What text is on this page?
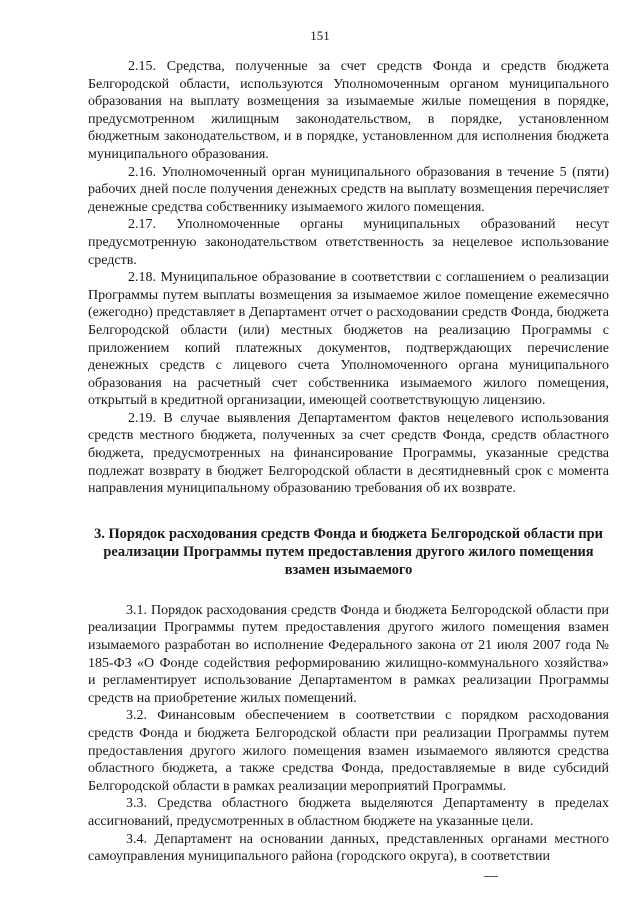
151

2.15. Средства, полученные за счет средств Фонда и средств бюджета Белгородской области, используются Уполномоченным органом муниципального образования на выплату возмещения за изымаемые жилые помещения в порядке, предусмотренном жилищным законодательством, в порядке, установленном бюджетным законодательством, и в порядке, установленном для исполнения бюджета муниципального образования.

2.16. Уполномоченный орган муниципального образования в течение 5 (пяти) рабочих дней после получения денежных средств на выплату возмещения перечисляет денежные средства собственнику изымаемого жилого помещения.

2.17. Уполномоченные органы муниципальных образований несут предусмотренную законодательством ответственность за нецелевое использование средств.

2.18. Муниципальное образование в соответствии с соглашением о реализации Программы путем выплаты возмещения за изымаемое жилое помещение ежемесячно (ежегодно) представляет в Департамент отчет о расходовании средств Фонда, бюджета Белгородской области (или) местных бюджетов на реализацию Программы с приложением копий платежных документов, подтверждающих перечисление денежных средств с лицевого счета Уполномоченного органа муниципального образования на расчетный счет собственника изымаемого жилого помещения, открытый в кредитной организации, имеющей соответствующую лицензию.

2.19. В случае выявления Департаментом фактов нецелевого использования средств местного бюджета, полученных за счет средств Фонда, средств областного бюджета, предусмотренных на финансирование Программы, указанные средства подлежат возврату в бюджет Белгородской области в десятидневный срок с момента направления муниципальному образованию требования об их возврате.

3. Порядок расходования средств Фонда и бюджета Белгородской области при реализации Программы путем предоставления другого жилого помещения взамен изымаемого

3.1. Порядок расходования средств Фонда и бюджета Белгородской области при реализации Программы путем предоставления другого жилого помещения взамен изымаемого разработан во исполнение Федерального закона от 21 июля 2007 года № 185-ФЗ «О Фонде содействия реформированию жилищно-коммунального хозяйства» и регламентирует использование Департаментом в рамках реализации Программы средств на приобретение жилых помещений.

3.2. Финансовым обеспечением в соответствии с порядком расходования средств Фонда и бюджета Белгородской области при реализации Программы путем предоставления другого жилого помещения взамен изымаемого являются средства областного бюджета, а также средства Фонда, предоставляемые в виде субсидий Белгородской области в рамках реализации мероприятий Программы.

3.3. Средства областного бюджета выделяются Департаменту в пределах ассигнований, предусмотренных в областном бюджете на указанные цели.

3.4. Департамент на основании данных, представленных органами местного самоуправления муниципального района (городского округа), в соответствии
